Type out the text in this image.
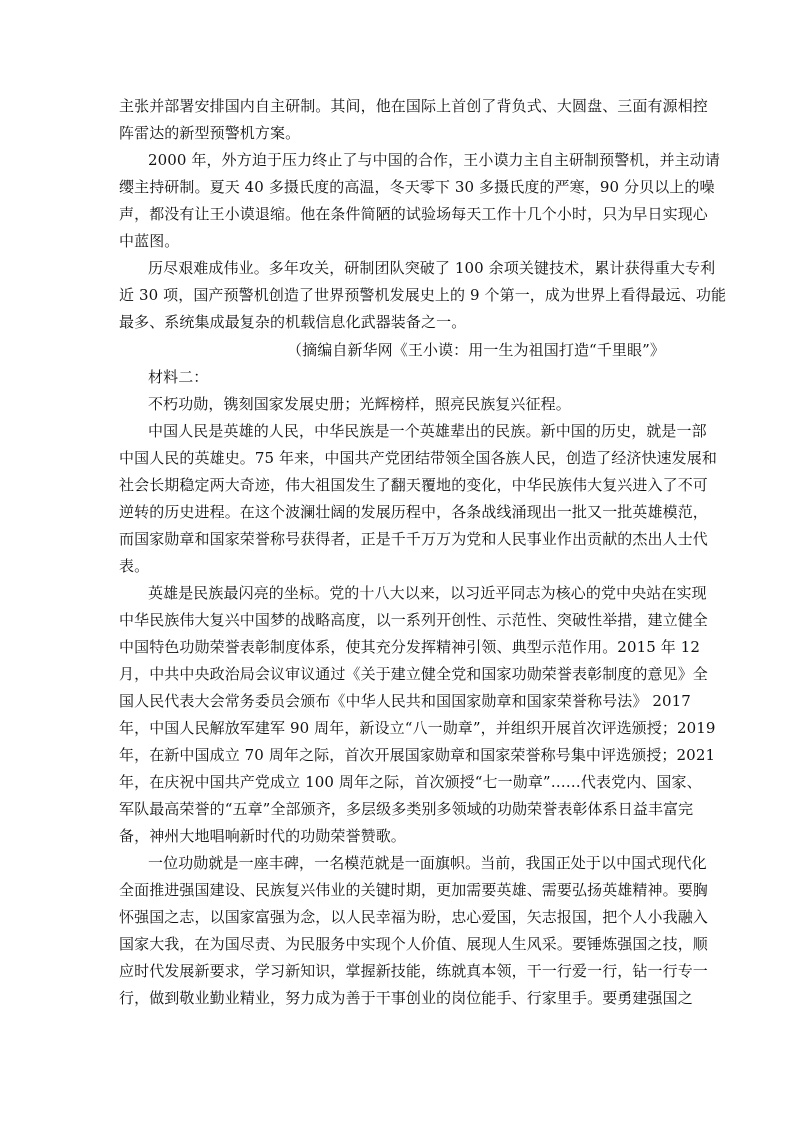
主张并部署安排国内自主研制。其间，他在国际上首创了背负式、大圆盘、三面有源相控
阵雷达的新型预警机方案。
2000 年，外方迫于压力终止了与中国的合作，王小谟力主自主研制预警机，并主动请
缨主持研制。夏天 40 多摄氏度的高温，冬天零下 30 多摄氏度的严寒，90 分贝以上的噪
声，都没有让王小谟退缩。他在条件简陋的试验场每天工作十几个小时，只为早日实现心
中蓝图。
历尽艰难成伟业。多年攻关，研制团队突破了 100 余项关键技术，累计获得重大专利
近 30 项，国产预警机创造了世界预警机发展史上的 9 个第一，成为世界上看得最远、功能
最多、系统集成最复杂的机载信息化武器装备之一。
（摘编自新华网《王小谟：用一生为祖国打造“千里眼”》
材料二：
不朽功勋，镌刻国家发展史册；光辉榜样，照亮民族复兴征程。
中国人民是英雄的人民，中华民族是一个英雄辈出的民族。新中国的历史，就是一部
中国人民的英雄史。75 年来，中国共产党团结带领全国各族人民，创造了经济快速发展和
社会长期稳定两大奇迹，伟大祖国发生了翻天覆地的变化，中华民族伟大复兴进入了不可
逆转的历史进程。在这个波澜壮阔的发展历程中，各条战线涌现出一批又一批英雄模范，
而国家勋章和国家荣誉称号获得者，正是千千万万为党和人民事业作出贡献的杰出人士代
表。
英雄是民族最闪亮的坐标。党的十八大以来，以习近平同志为核心的党中央站在实现
中华民族伟大复兴中国梦的战略高度，以一系列开创性、示范性、突破性举措，建立健全
中国特色功勋荣誉表彰制度体系，使其充分发挥精神引领、典型示范作用。2015 年 12
月，中共中央政治局会议审议通过《关于建立健全党和国家功勋荣誉表彰制度的意见》全
国人民代表大会常务委员会颁布《中华人民共和国国家勋章和国家荣誉称号法》 2017
年，中国人民解放军建军 90 周年，新设立“八一勋章”，并组织开展首次评选颁授；2019
年，在新中国成立 70 周年之际，首次开展国家勋章和国家荣誉称号集中评选颁授；2021
年，在庆祝中国共产党成立 100 周年之际，首次颁授“七一勋章”……代表党内、国家、
军队最高荣誉的“五章”全部颁齐，多层级多类别多领域的功勋荣誉表彰体系日益丰富完
备，神州大地唱响新时代的功勋荣誉赞歌。
一位功勋就是一座丰碑，一名模范就是一面旗帜。当前，我国正处于以中国式现代化
全面推进强国建设、民族复兴伟业的关键时期，更加需要英雄、需要弘扬英雄精神。要胸
怀强国之志，以国家富强为念，以人民幸福为盼，忠心爱国，矢志报国，把个人小我融入
国家大我，在为国尽责、为民服务中实现个人价值、展现人生风采。要锤炼强国之技，顺
应时代发展新要求，学习新知识，掌握新技能，练就真本领，干一行爱一行，钻一行专一
行，做到敬业勤业精业，努力成为善于干事创业的岗位能手、行家里手。要勇建强国之
